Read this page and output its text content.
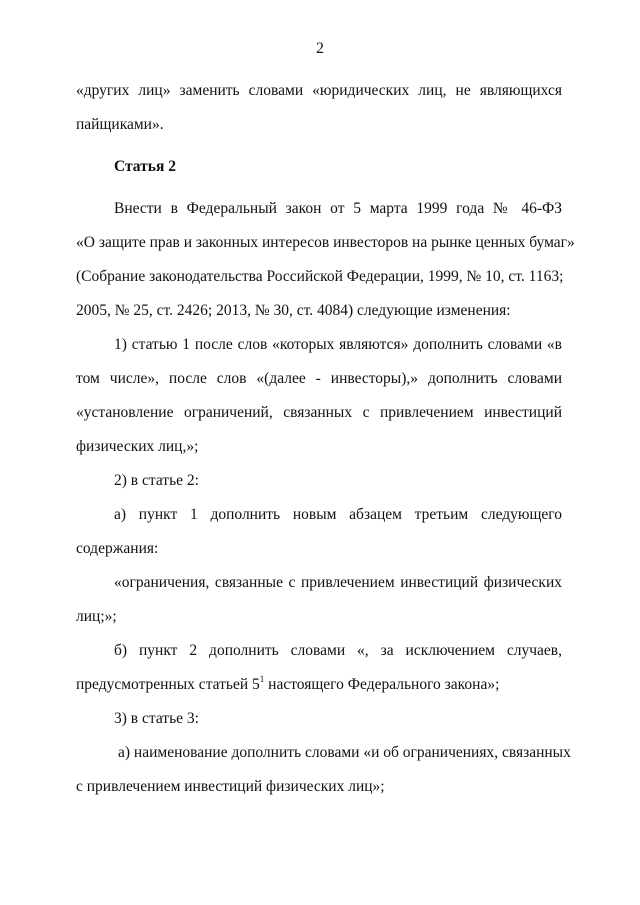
2
«других лиц» заменить словами «юридических лиц, не являющихся
пайщиками».
Статья 2
Внести в Федеральный закон от 5 марта 1999 года № 46-ФЗ
«О защите прав и законных интересов инвесторов на рынке ценных бумаг»
(Собрание законодательства Российской Федерации, 1999, № 10, ст. 1163;
2005, № 25, ст. 2426; 2013, № 30, ст. 4084) следующие изменения:
1) статью 1 после слов «которых являются» дополнить словами «в
том числе», после слов «(далее - инвесторы),» дополнить словами
«установление ограничений, связанных с привлечением инвестиций
физических лиц,»;
2) в статье 2:
а) пункт 1 дополнить новым абзацем третьим следующего
содержания:
«ограничения, связанные с привлечением инвестиций физических
лиц;»;
б) пункт 2 дополнить словами «, за исключением случаев,
предусмотренных статьей $5^1$ настоящего Федерального закона»;
3) в статье 3:
а) наименование дополнить словами «и об ограничениях, связанных
с привлечением инвестиций физических лиц»;
